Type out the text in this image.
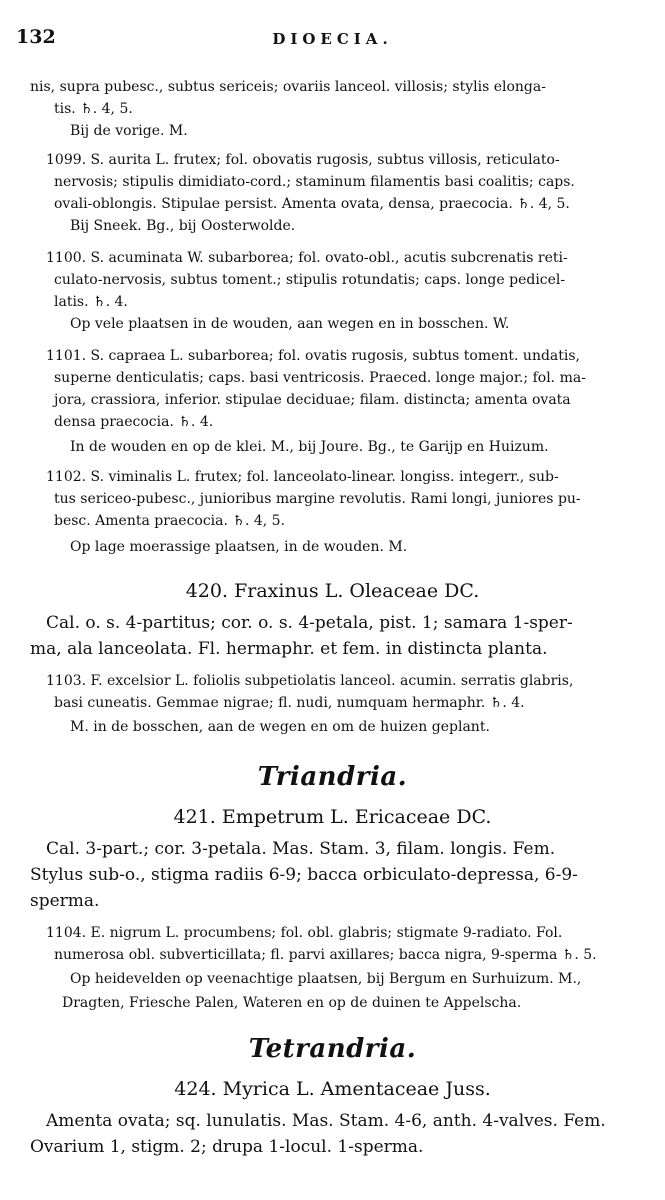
132	DIOECIA.
nis, supra pubesc., subtus sericeis; ovariis lanceol. villosis; stylis elonga-
tis. ♄. 4, 5.
Bij de vorige. M.
1099. S. aurita L. frutex; fol. obovatis rugosis, subtus villosis, reticulato-
nervosis; stipulis dimidiato-cord.; staminum filamentis basi coalitis; caps.
ovali-oblongis. Stipulae persist. Amenta ovata, densa, praecocia. ♄. 4, 5.
Bij Sneek. Bg., bij Oosterwolde.
1100. S. acuminata W. subarborea; fol. ovato-obl., acutis subcrenatis reti-
culato-nervosis, subtus toment.; stipulis rotundatis; caps. longe pedicel-
latis. ♄. 4.
Op vele plaatsen in de wouden, aan wegen en in bosschen. W.
1101. S. capraea L. subarborea; fol. ovatis rugosis, subtus toment. undatis,
superne denticulatis; caps. basi ventricosis. Praeced. longe major.; fol. ma-
jora, crassiora, inferior. stipulae deciduae; filam. distincta; amenta ovata
densa praecocia. ♄. 4.
In de wouden en op de klei. M., bij Joure. Bg., te Garijp en Huizum.
1102. S. viminalis L. frutex; fol. lanceolato-linear. longiss. integerr., sub-
tus sericeo-pubesc., junioribus margine revolutis. Rami longi, juniores pu-
besc. Amenta praecocia. ♄. 4, 5.
Op lage moerassige plaatsen, in de wouden. M.
Cal. o. s. 4-partitus; cor. o. s. 4-petala, pist. 1; samara 1-sper-
ma, ala lanceolata. Fl. hermaphr. et fem. in distincta planta.
1103. F. excelsior L. foliolis subpetiolatis lanceol. acumin. serratis glabris,
basi cuneatis. Gemmae nigrae; fl. nudi, numquam hermaphr. ♄. 4.
M. in de bosschen, aan de wegen en om de huizen geplant.
Cal. 3-part.; cor. 3-petala. Mas. Stam. 3, filam. longis. Fem.
Stylus sub-o., stigma radiis 6-9; bacca orbiculato-depressa, 6-9-
sperma.
1104. E. nigrum L. procumbens; fol. obl. glabris; stigmate 9-radiato. Fol.
numerosa obl. subverticillata; fl. parvi axillares; bacca nigra, 9-sperma ♄. 5.
Op heidevelden op veenachtige plaatsen, bij Bergum en Surhuizum. M.,
Dragten, Friesche Palen, Wateren en op de duinen te Appelscha.
Amenta ovata; sq. lunulatis. Mas. Stam. 4-6, anth. 4-valves. Fem.
Ovarium 1, stigm. 2; drupa 1-locul. 1-sperma.
420. Fraxinus L. Oleaceae DC.
421. Empetrum L. Ericaceae DC.
424. Myrica L. Amentaceae Juss.
Triandria.
Tetrandria.
